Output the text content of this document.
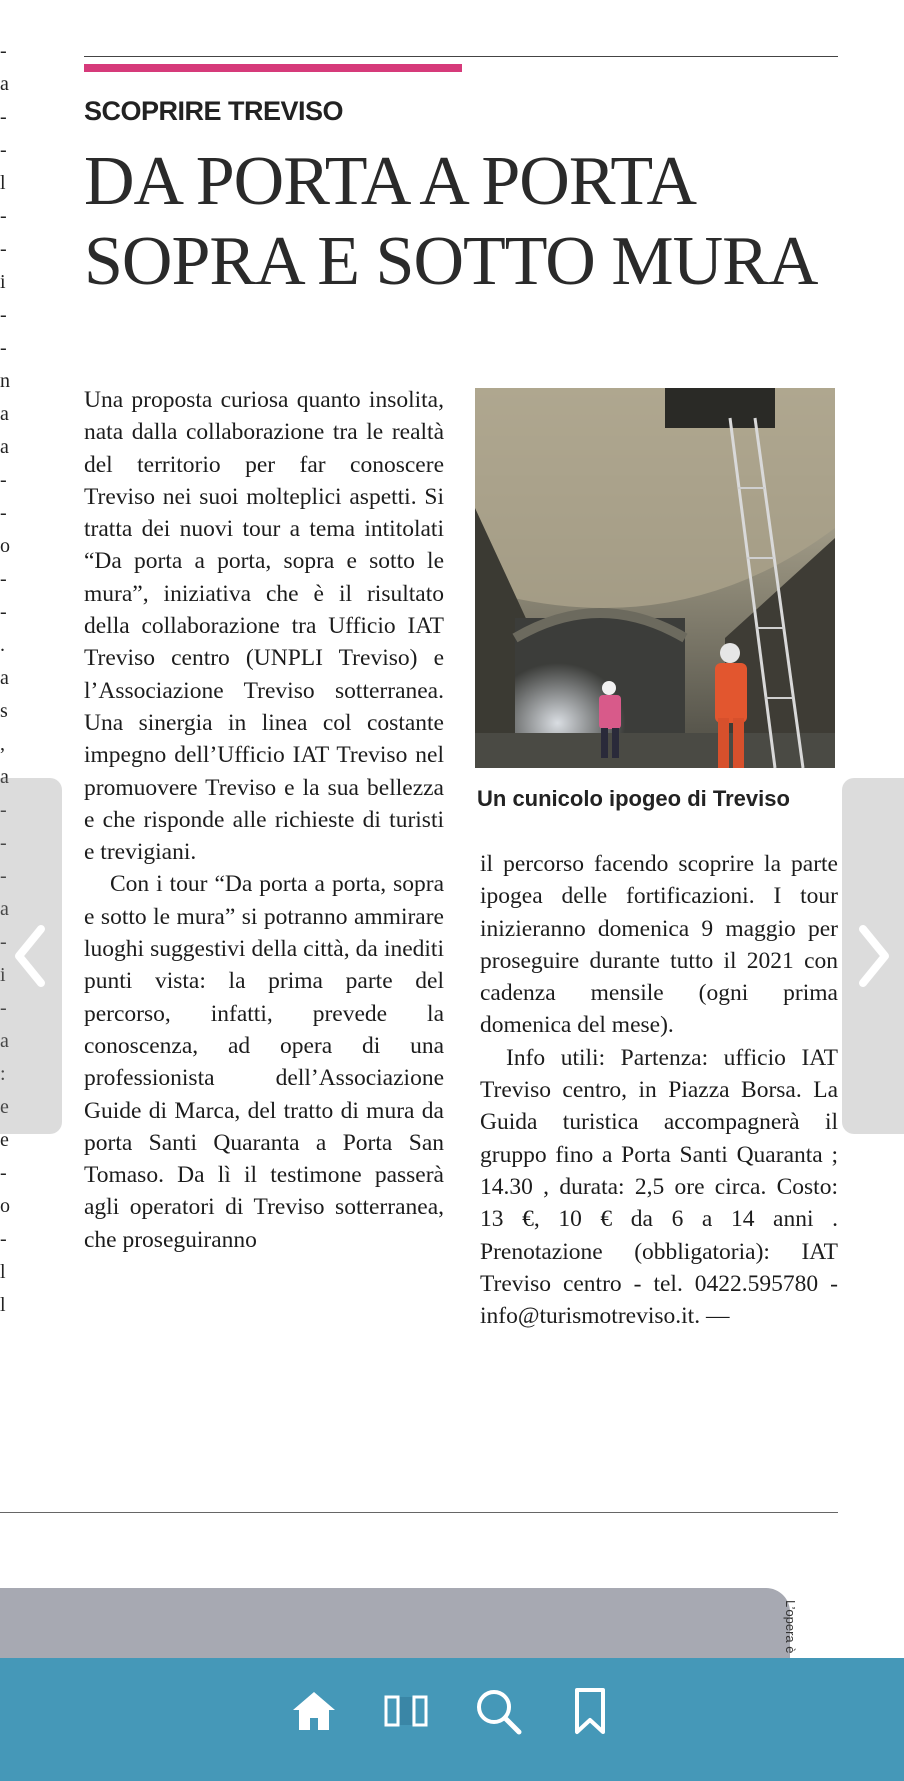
-
a
-
-
l
-
-
i
-
-
n
a
a
-
-
o
-
-
.
a
s
,
a
-
-
-
a
-
i
-
a
:
e
e
-
o
-
l
l
SCOPRIRE TREVISO
DA PORTA A PORTA
SOPRA E SOTTO MURA

Una proposta curiosa quanto insolita, nata dalla collaborazione tra le realtà del territorio per far conoscere Treviso nei suoi molteplici aspetti. Si tratta dei nuovi tour a tema intitolati “Da porta a porta, sopra e sotto le mura”, iniziativa che è il risultato della collaborazione tra Ufficio IAT Treviso centro (UNPLI Treviso) e l’Associazione Treviso sotterranea. Una sinergia in linea col costante impegno dell’Ufficio IAT Treviso nel promuovere Treviso e la sua bellezza e che risponde alle richieste di turisti e trevigiani.

Con i tour “Da porta a porta, sopra e sotto le mura” si potranno ammirare luoghi suggestivi della città, da inediti punti vista: la prima parte del percorso, infatti, prevede la conoscenza, ad opera di una professionista dell’Associazione Guide di Marca, del tratto di mura da porta Santi Quaranta a Porta San Tomaso. Da lì il testimone passerà agli operatori di Treviso sotterranea, che proseguiranno

Un cunicolo ipogeo di Treviso

il percorso facendo scoprire la parte ipogea delle fortificazioni. I tour inizieranno domenica 9 maggio per proseguire durante tutto il 2021 con cadenza mensile (ogni prima domenica del mese).

Info utili: Partenza: ufficio IAT Treviso centro, in Piazza Borsa. La Guida turistica accompagnerà il gruppo fino a Porta Santi Quaranta ; 14.30 , durata: 2,5 ore circa. Costo: 13 €, 10 € da 6 a 14 anni . Prenotazione (obbligatoria): IAT Treviso centro - tel. 0422.595780 - info@turismotreviso.it. —

L’opera è
